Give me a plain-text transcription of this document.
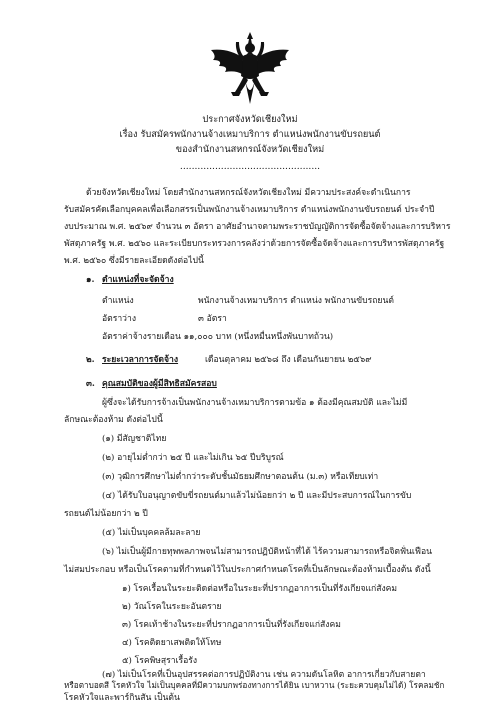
ประกาศจังหวัดเชียงใหม่
เรื่อง รับสมัครพนักงานจ้างเหมาบริการ ตำแหน่งพนักงานขับรถยนต์
ของสำนักงานสหกรณ์จังหวัดเชียงใหม่
................................................
ด้วยจังหวัดเชียงใหม่ โดยสำนักงานสหกรณ์จังหวัดเชียงใหม่ มีความประสงค์จะดำเนินการ
รับสมัครคัดเลือกบุคคลเพื่อเลือกสรรเป็นพนักงานจ้างเหมาบริการ ตำแหน่งพนักงานขับรถยนต์ ประจำปี
งบประมาณ พ.ศ. ๒๕๖๙ จำนวน ๓ อัตรา อาศัยอำนาจตามพระราชบัญญัติการจัดซื้อจัดจ้างและการบริหาร
พัสดุภาครัฐ พ.ศ. ๒๕๖๐ และระเบียบกระทรวงการคลังว่าด้วยการจัดซื้อจัดจ้างและการบริหารพัสดุภาครัฐ
พ.ศ. ๒๕๖๐ ซึ่งมีรายละเอียดดังต่อไปนี้
๑. ตำแหน่งที่จะจัดจ้าง
ตำแหน่ง	พนักงานจ้างเหมาบริการ ตำแหน่ง พนักงานขับรถยนต์
อัตราว่าง	๓ อัตรา
อัตราค่าจ้างรายเดือน ๑๑,๐๐๐ บาท (หนึ่งหมื่นหนึ่งพันบาทถ้วน)
๒. ระยะเวลาการจัดจ้าง	เดือนตุลาคม ๒๕๖๘ ถึง เดือนกันยายน ๒๕๖๙
๓. คุณสมบัติของผู้มีสิทธิสมัครสอบ
ผู้ซึ่งจะได้รับการจ้างเป็นพนักงานจ้างเหมาบริการตามข้อ ๑ ต้องมีคุณสมบัติ และไม่มี
ลักษณะต้องห้าม ดังต่อไปนี้
(๑) มีสัญชาติไทย
(๒) อายุไม่ต่ำกว่า ๒๕ ปี และไม่เกิน ๖๕ ปีบริบูรณ์
(๓) วุฒิการศึกษาไม่ต่ำกว่าระดับชั้นมัธยมศึกษาตอนต้น (ม.๓) หรือเทียบเท่า
(๔) ได้รับใบอนุญาตขับขี่รถยนต์มาแล้วไม่น้อยกว่า ๒ ปี และมีประสบการณ์ในการขับ
รถยนต์ไม่น้อยกว่า ๒ ปี
(๕) ไม่เป็นบุคคลล้มละลาย
(๖) ไม่เป็นผู้มีกายทุพพลภาพจนไม่สามารถปฏิบัติหน้าที่ได้ ไร้ความสามารถหรือจิตฟั่นเฟือน
ไม่สมประกอบ หรือเป็นโรคตามที่กำหนดไว้ในประกาศกำหนดโรคที่เป็นลักษณะต้องห้ามเบื้องต้น ดังนี้
๑) โรคเรื้อนในระยะติดต่อหรือในระยะที่ปรากฏอาการเป็นที่รังเกียจแก่สังคม
๒) วัณโรคในระยะอันตราย
๓) โรคเท้าช้างในระยะที่ปรากฏอาการเป็นที่รังเกียจแก่สังคม
๔) โรคติดยาเสพติดให้โทษ
๕) โรคพิษสุราเรื้อรัง
(๗) ไม่เป็นโรคที่เป็นอุปสรรคต่อการปฏิบัติงาน เช่น ความดันโลหิต อาการเกี่ยวกับสายตา
หรือตาบอดสี โรคหัวใจ ไม่เป็นบุคคลที่มีความบกพร่องทางการได้ยิน เบาหวาน (ระยะควบคุมไม่ได้) โรคลมชัก
โรคหัวใจและพาร์กินสัน เป็นต้น
